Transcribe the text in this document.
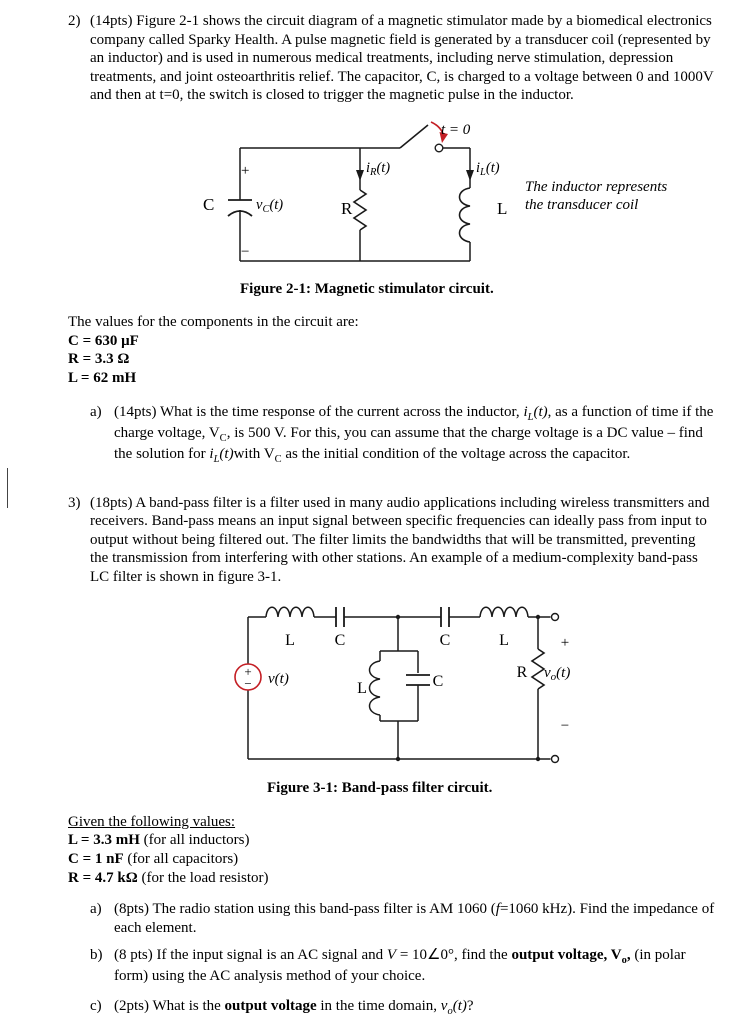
2) (14pts) Figure 2-1 shows the circuit diagram of a magnetic stimulator made by a biomedical electronics company called Sparky Health. A pulse magnetic field is generated by a transducer coil (represented by an inductor) and is used in numerous medical treatments, including nerve stimulation, depression treatments, and joint osteoarthritis relief. The capacitor, C, is charged to a voltage between 0 and 1000V and then at t=0, the switch is closed to trigger the magnetic pulse in the inductor.
t = 0
+
−
C	$v_C(t)$	R
$i_R(t)$	$i_L(t)$
L
The inductor represents
the transducer coil
Figure 2-1: Magnetic stimulator circuit.
The values for the components in the circuit are:
C = 630 μF
R = 3.3 Ω
L = 62 mH
a) (14pts) What is the time response of the current across the inductor, $i_L(t)$, as a function of time if the charge voltage, $V_C$, is 500 V. For this, you can assume that the charge voltage is a DC value – find the solution for $i_L(t)with$ $V_C$ as the initial condition of the voltage across the capacitor.
3) (18pts) A band-pass filter is a filter used in many audio applications including wireless transmitters and receivers. Band-pass means an input signal between specific frequencies can ideally pass from input to output without being filtered out. The filter limits the bandwidths that will be transmitted, preventing the transmission from interfering with other stations. An example of a medium-complexity band-pass LC filter is shown in figure 3-1.
+
−
L C	C	L	+
v(t)
L	C
R $v_o(t)$
−
Figure 3-1: Band-pass filter circuit.
Given the following values:
L = 3.3 mH (for all inductors)
C = 1 nF (for all capacitors)
R = 4.7 kΩ (for the load resistor)
a) (8pts) The radio station using this band-pass filter is AM 1060 (f=1060 kHz). Find the impedance of each element.
b) (8 pts) If the input signal is an AC signal and V = 10∠0°, find the output voltage, $V_o$, (in polar form) using the AC analysis method of your choice.
c) (2pts) What is the output voltage in the time domain, $v_o(t)$?
